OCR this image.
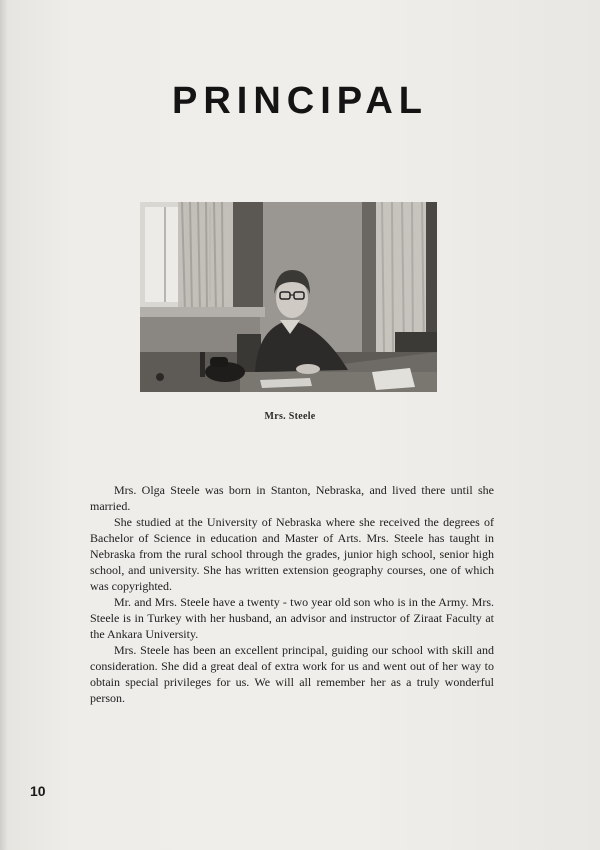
PRINCIPAL
Mrs. Steele

Mrs. Olga Steele was born in Stanton, Nebraska, and lived there until she married.

She studied at the University of Nebraska where she received the degrees of Bachelor of Science in education and Master of Arts. Mrs. Steele has taught in Nebraska from the rural school through the grades, junior high school, senior high school, and university. She has written extension geography courses, one of which was copyrighted.

Mr. and Mrs. Steele have a twenty - two year old son who is in the Army. Mrs. Steele is in Turkey with her husband, an advisor and instructor of Ziraat Faculty at the Ankara University.

Mrs. Steele has been an excellent principal, guiding our school with skill and consideration. She did a great deal of extra work for us and went out of her way to obtain special privileges for us. We will all remember her as a truly wonderful person.

10
